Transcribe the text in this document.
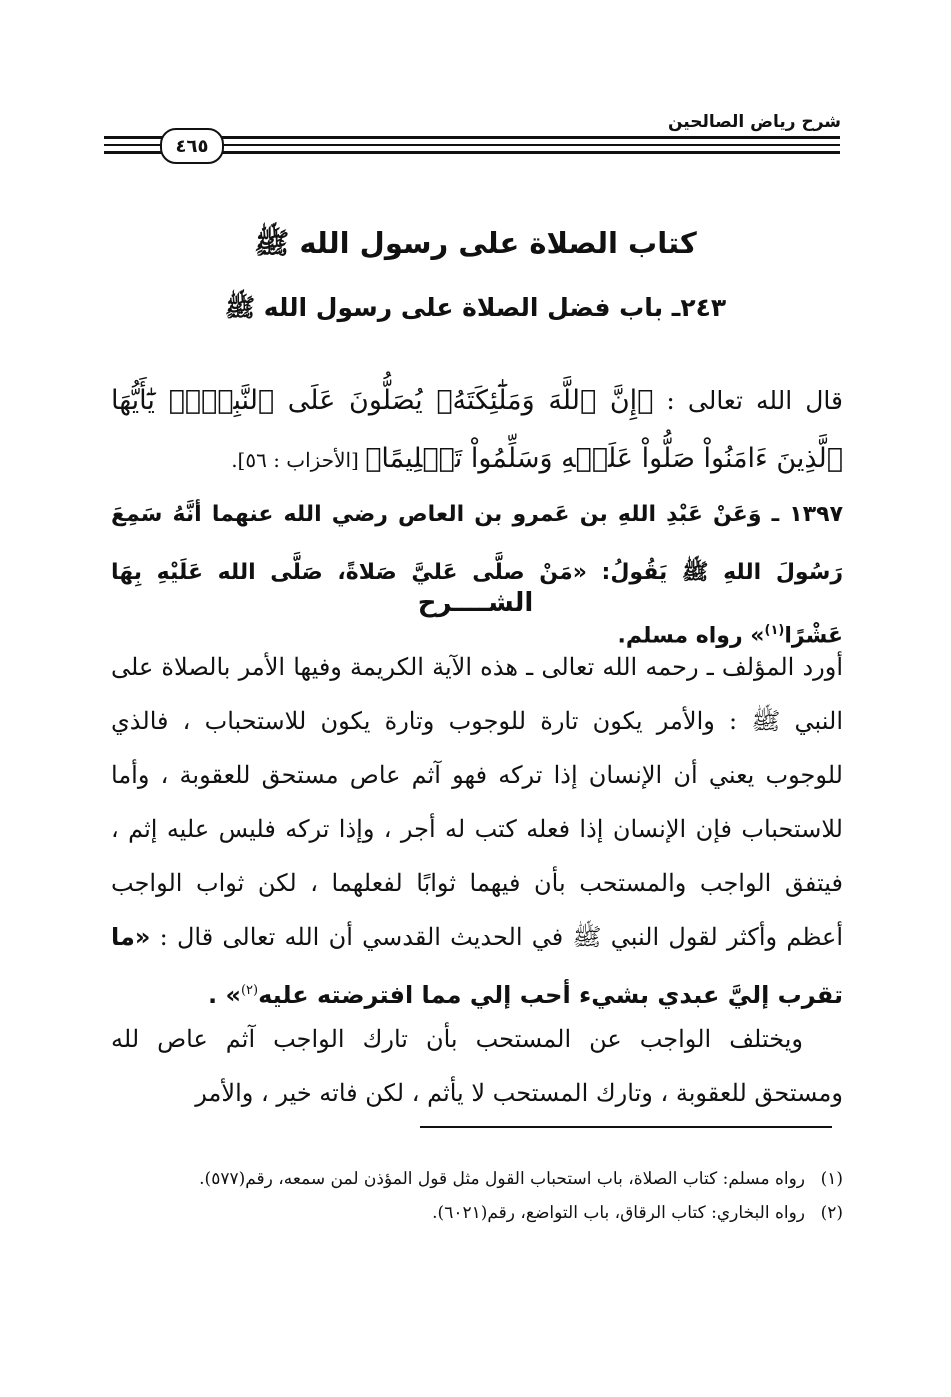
شرح رياض الصالحين
٤٦٥
كتاب الصلاة على رسول الله ﷺ
٢٤٣ـ باب فضل الصلاة على رسول الله ﷺ
قال الله تعالى : ﴿إِنَّ ٱللَّهَ وَمَلَٰٓئِكَتَهُۥ يُصَلُّونَ عَلَى ٱلنَّبِيِّۚ يَٰٓأَيُّهَا ٱلَّذِينَ ءَامَنُواْ صَلُّواْ عَلَيۡهِ وَسَلِّمُواْ تَسۡلِيمًا﴾ [الأحزاب : ٥٦].
١٣٩٧ ـ وَعَنْ عَبْدِ اللهِ بن عَمرو بن العاص رضي الله عنهما أنَّهُ سَمِعَ رَسُولَ اللهِ ﷺ يَقُولُ: «مَنْ صلَّى عَليَّ صَلاةً، صَلَّى الله عَلَيْهِ بِهَا عَشْرًا$^{(١)}$» رواه مسلم.
الشــــرح
أورد المؤلف ـ رحمه الله تعالى ـ هذه الآية الكريمة وفيها الأمر بالصلاة على النبي ﷺ : والأمر يكون تارة للوجوب وتارة يكون للاستحباب ، فالذي للوجوب يعني أن الإنسان إذا تركه فهو آثم عاص مستحق للعقوبة ، وأما للاستحباب فإن الإنسان إذا فعله كتب له أجر ، وإذا تركه فليس عليه إثم ، فيتفق الواجب والمستحب بأن فيهما ثوابًا لفعلهما ، لكن ثواب الواجب أعظم وأكثر لقول النبي ﷺ في الحديث القدسي أن الله تعالى قال : «ما تقرب إليَّ عبدي بشيء أحب إلي مما افترضته عليه$^{(٢)}$» .
ويختلف الواجب عن المستحب بأن تارك الواجب آثم عاص لله ومستحق للعقوبة ، وتارك المستحب لا يأثم ، لكن فاته خير ، والأمر
(١)
رواه مسلم: كتاب الصلاة، باب استحباب القول مثل قول المؤذن لمن سمعه، رقم(٥٧٧).
(٢)
رواه البخاري: كتاب الرقاق، باب التواضع، رقم(٦٠٢١).
